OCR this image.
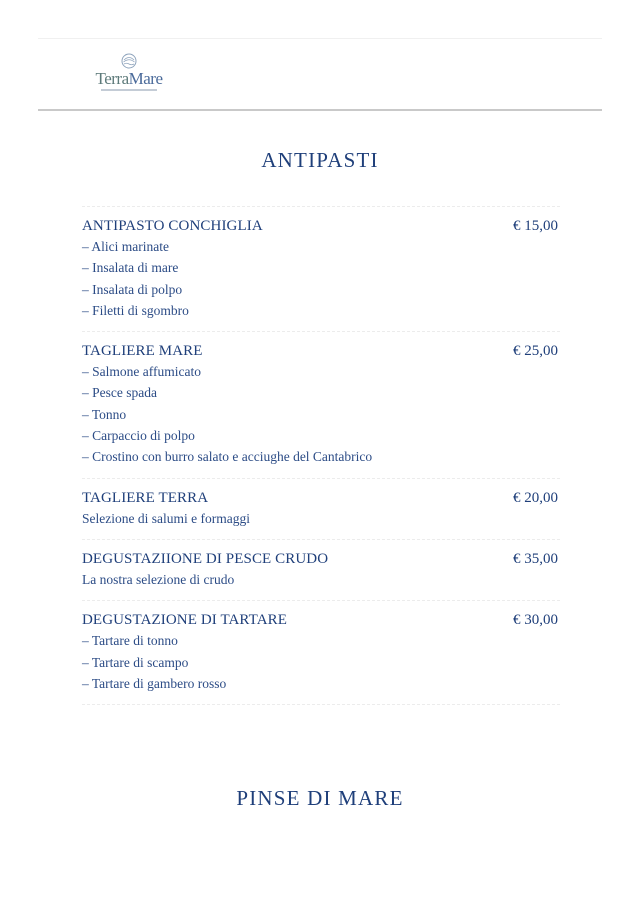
TerraMare
ANTIPASTI
ANTIPASTO CONCHIGLIA	€ 15,00
– Alici marinate
– Insalata di mare
– Insalata di polpo
– Filetti di sgombro
TAGLIERE MARE	€ 25,00
– Salmone affumicato
– Pesce spada
– Tonno
– Carpaccio di polpo
– Crostino con burro salato e acciughe del Cantabrico
TAGLIERE TERRA	€ 20,00
Selezione di salumi e formaggi
DEGUSTAZIIONE DI PESCE CRUDO	€ 35,00
La nostra selezione di crudo
DEGUSTAZIONE DI TARTARE	€ 30,00
– Tartare di tonno
– Tartare di scampo
– Tartare di gambero rosso
PINSE DI MARE
